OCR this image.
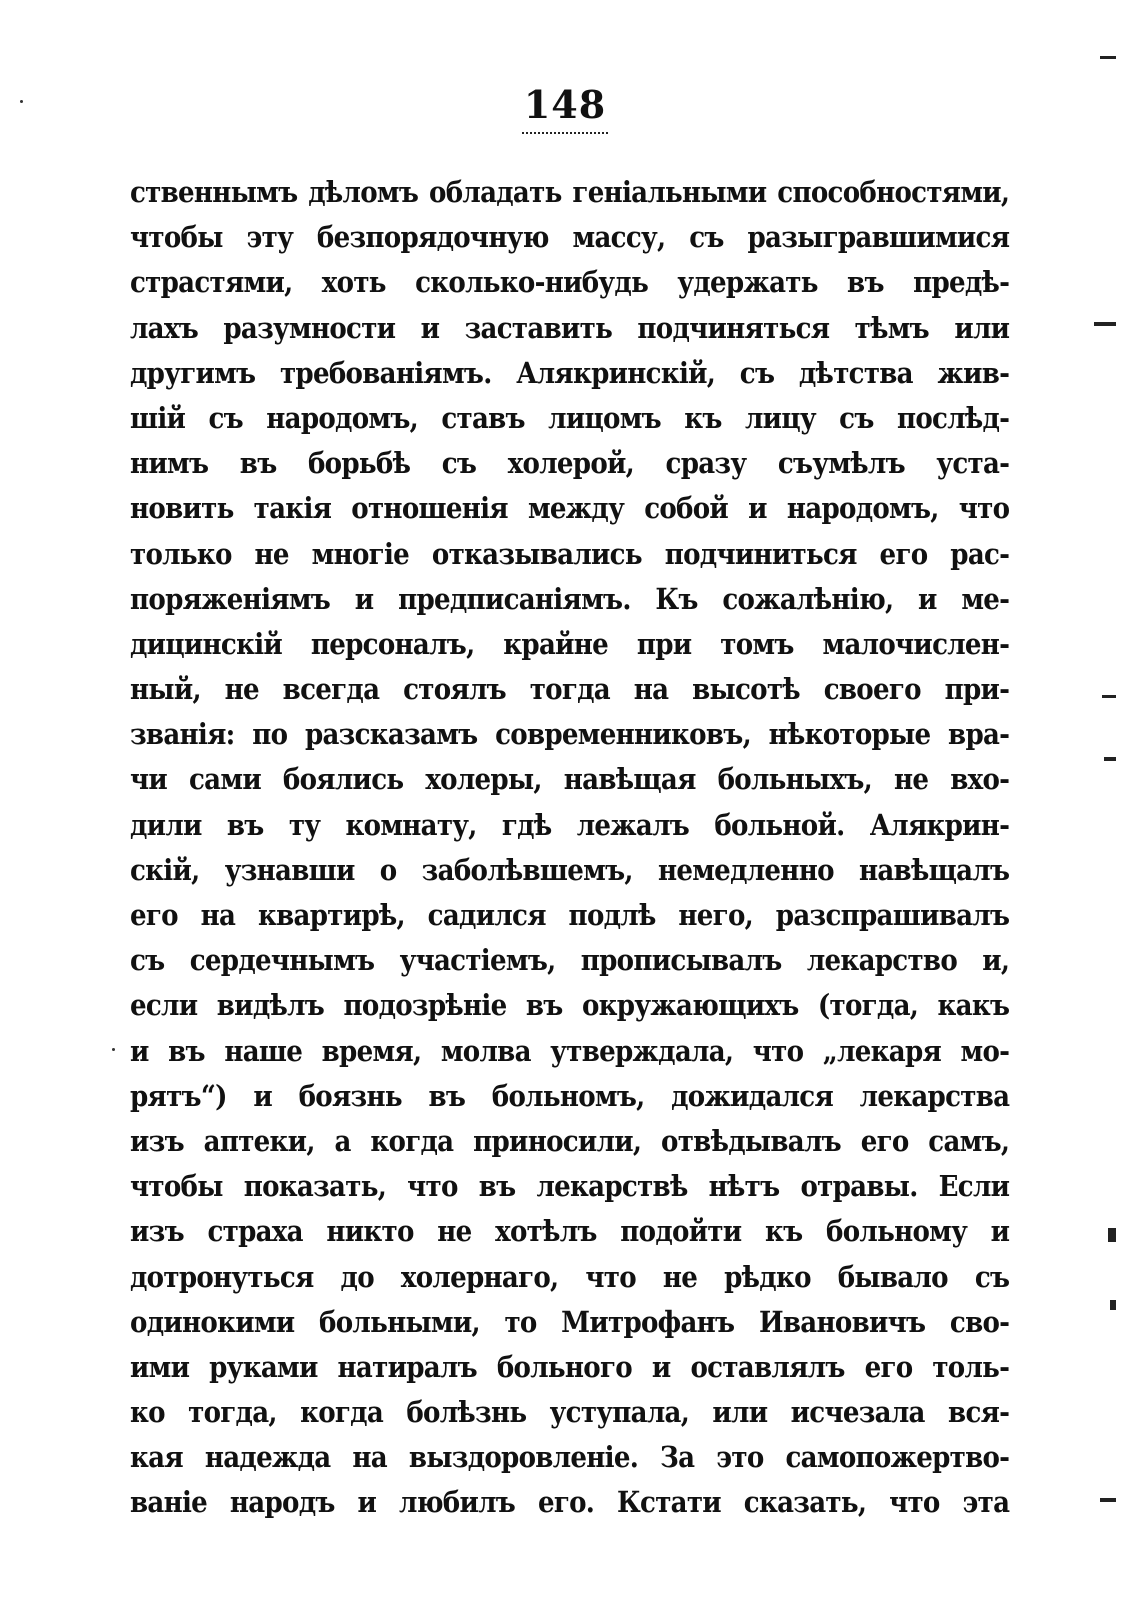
148
ственнымъ дѣломъ обладать геніальными способностями,
чтобы эту безпорядочную массу, съ разыгравшимися
страстями, хоть сколько-нибудь удержать въ предѣ-
лахъ разумности и заставить подчиняться тѣмъ или
другимъ требованіямъ. Алякринскій, съ дѣтства жив-
шій съ народомъ, ставъ лицомъ къ лицу съ послѣд-
нимъ въ борьбѣ съ холерой, сразу съумѣлъ уста-
новить такія отношенія между собой и народомъ, что
только не многіе отказывались подчиниться его рас-
поряженіямъ и предписаніямъ. Къ сожалѣнію, и ме-
дицинскій персоналъ, крайне при томъ малочислен-
ный, не всегда стоялъ тогда на высотѣ своего при-
званія: по разсказамъ современниковъ, нѣкоторые вра-
чи сами боялись холеры, навѣщая больныхъ, не вхо-
дили въ ту комнату, гдѣ лежалъ больной. Алякрин-
скій, узнавши о заболѣвшемъ, немедленно навѣщалъ
его на квартирѣ, садился подлѣ него, разспрашивалъ
съ сердечнымъ участіемъ, прописывалъ лекарство и,
если видѣлъ подозрѣніе въ окружающихъ (тогда, какъ
и въ наше время, молва утверждала, что „лекаря мо-
рятъ“) и боязнь въ больномъ, дожидался лекарства
изъ аптеки, а когда приносили, отвѣдывалъ его самъ,
чтобы показать, что въ лекарствѣ нѣтъ отравы. Если
изъ страха никто не хотѣлъ подойти къ больному и
дотронуться до холернаго, что не рѣдко бывало съ
одинокими больными, то Митрофанъ Ивановичъ сво-
ими руками натиралъ больного и оставлялъ его толь-
ко тогда, когда болѣзнь уступала, или исчезала вся-
кая надежда на выздоровленіе. За это самопожертво-
ваніе народъ и любилъ его. Кстати сказать, что эта
